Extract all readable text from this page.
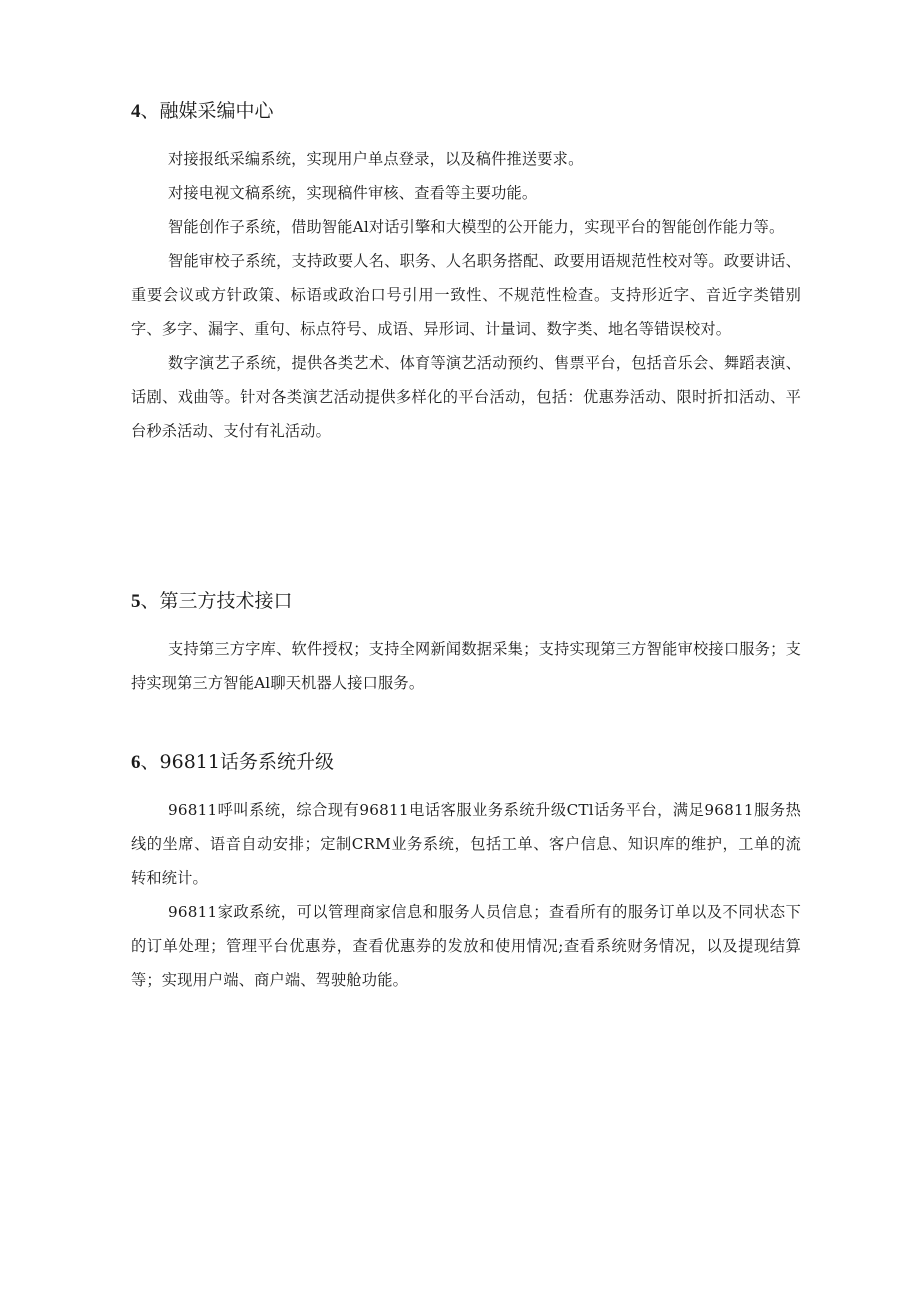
4、融媒采编中心

对接报纸采编系统，实现用户单点登录，以及稿件推送要求。

对接电视文稿系统，实现稿件审核、查看等主要功能。

智能创作子系统，借助智能Al对话引擎和大模型的公开能力，实现平台的智能创作能力等。

智能审校子系统，支持政要人名、职务、人名职务搭配、政要用语规范性校对等。政要讲话、重要会议或方针政策、标语或政治口号引用一致性、不规范性检查。支持形近字、音近字类错别字、多字、漏字、重句、标点符号、成语、异形词、计量词、数字类、地名等错误校对。

数字演艺子系统，提供各类艺术、体育等演艺活动预约、售票平台，包括音乐会、舞蹈表演、话剧、戏曲等。针对各类演艺活动提供多样化的平台活动，包括：优惠券活动、限时折扣活动、平台秒杀活动、支付有礼活动。

5、第三方技术接口

支持第三方字库、软件授权；支持全网新闻数据采集；支持实现第三方智能审校接口服务；支持实现第三方智能Al聊天机器人接口服务。

6、96811话务系统升级

96811呼叫系统，综合现有96811电话客服业务系统升级CTl话务平台，满足96811服务热线的坐席、语音自动安排；定制CRM业务系统，包括工单、客户信息、知识库的维护，工单的流转和统计。

96811家政系统，可以管理商家信息和服务人员信息；查看所有的服务订单以及不同状态下的订单处理；管理平台优惠券，查看优惠券的发放和使用情况;查看系统财务情况，以及提现结算等；实现用户端、商户端、驾驶舱功能。
